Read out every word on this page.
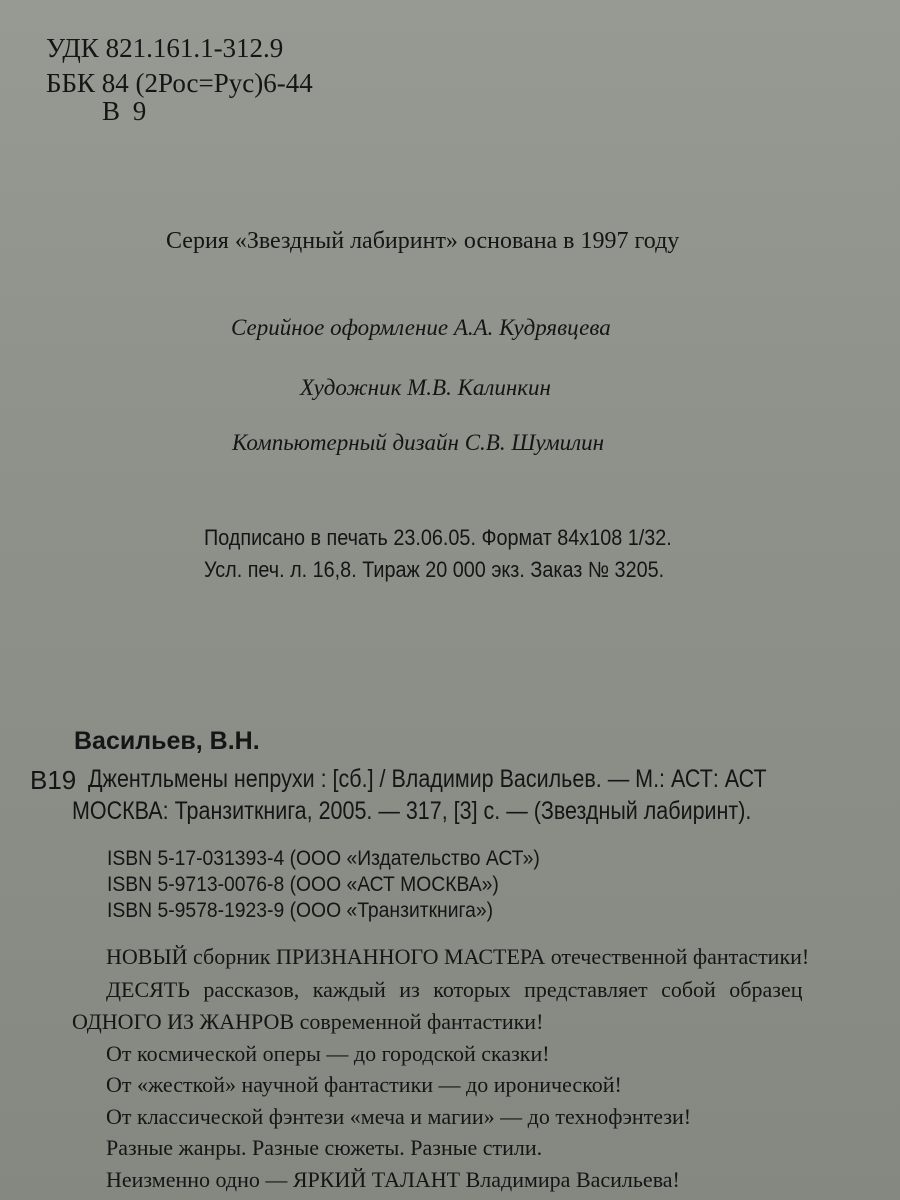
УДК 821.161.1-312.9
ББК 84 (2Рос=Рус)6-44
В 9
Серия «Звездный лабиринт» основана в 1997 году
Серийное оформление А.А. Кудрявцева
Художник М.В. Калинкин
Компьютерный дизайн С.В. Шумилин
Подписано в печать 23.06.05. Формат 84х108 1/32.
Усл. печ. л. 16,8. Тираж 20 000 экз. Заказ № 3205.
Васильев, В.Н.
В19 Джентльмены непрухи : [сб.] / Владимир Васильев. — М.: АСТ: АСТ
МОСКВА: Транзиткнига, 2005. — 317, [3] с. — (Звездный лабиринт).
ISBN 5-17-031393-4 (ООО «Издательство АСТ»)
ISBN 5-9713-0076-8 (ООО «АСТ МОСКВА»)
ISBN 5-9578-1923-9 (ООО «Транзиткнига»)
НОВЫЙ сборник ПРИЗНАННОГО МАСТЕРА отечественной фантастики!
ДЕСЯТЬ рассказов, каждый из которых представляет собой образец
ОДНОГО ИЗ ЖАНРОВ современной фантастики!
От космической оперы — до городской сказки!
От «жесткой» научной фантастики — до иронической!
От классической фэнтези «меча и магии» — до технофэнтези!
Разные жанры. Разные сюжеты. Разные стили.
Неизменно одно — ЯРКИЙ ТАЛАНТ Владимира Васильева!
